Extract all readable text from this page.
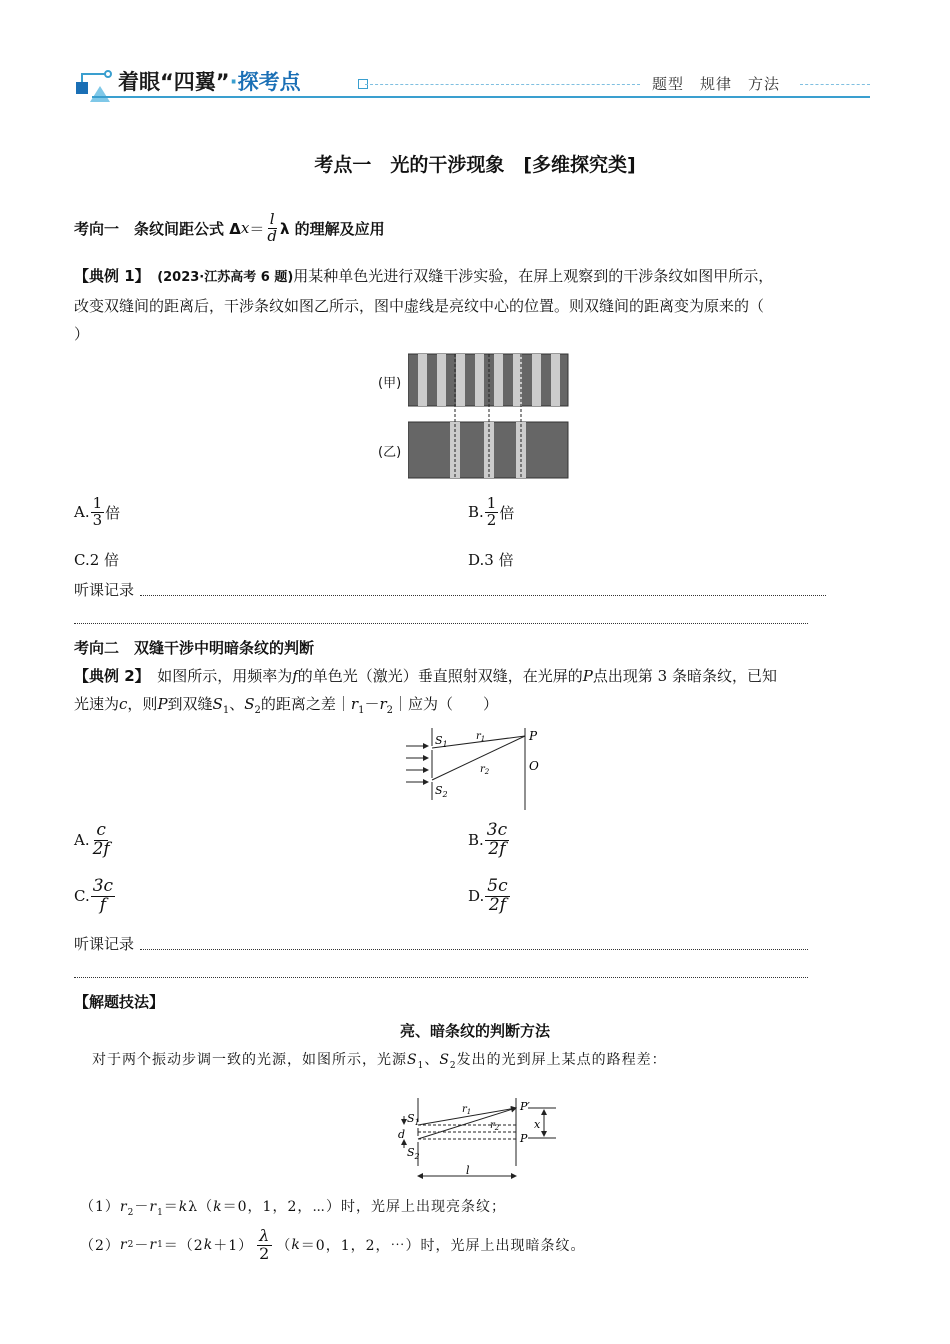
着眼“四翼”·探考点	题型　规律　方法
考点一　光的干涉现象　[多维探究类]
考向一　条纹间距公式 Δ $x = \frac{l}{d}$ λ 的理解及应用
【典例 1】　 (2023·江苏高考 6 题)用某种单色光进行双缝干涉实验，在屏上观察到的干涉条纹如图甲所示，
改变双缝间的距离后，干涉条纹如图乙所示，图中虚线是亮纹中心的位置。则双缝间的距离变为原来的（
）
(甲)
(乙)
A. $\frac{1}{3}$ 倍	B. $\frac{1}{2}$ 倍
C.2 倍	D.3 倍
听课记录
考向二　双缝干涉中明暗条纹的判断
【典例 2】　 如图所示，用频率为f的单色光（激光）垂直照射双缝，在光屏的P点出现第 3 条暗条纹，已知
光速为c，则P到双缝$S_1$、$S_2$的距离之差$|r_1-r_2|$应为（　　）
$S_1$
$S_2$
$r_1$
$r_2$
P
O
A. $\frac{c}{2f}$	B. $\frac{3c}{2f}$
C. $\frac{3c}{f}$	D. $\frac{5c}{2f}$
听课记录
【解题技法】
亮、暗条纹的判断方法
对于两个振动步调一致的光源，如图所示，光源$S_1$、$S_2$发出的光到屏上某点的路程差：
$S_1$
d
$S_2$
$r_1$
$r_2$
P′
P
x
l
$(1)r_2-r_1=k\lambda(k=0$，1，2，⋯）时，光屏上出现亮条纹；
（2） r 2 － r 1 ＝（2 $k +1) \frac{\lambda}{2}$ （ k ＝0，1，2，⋯）时，光屏上出现暗条纹。
